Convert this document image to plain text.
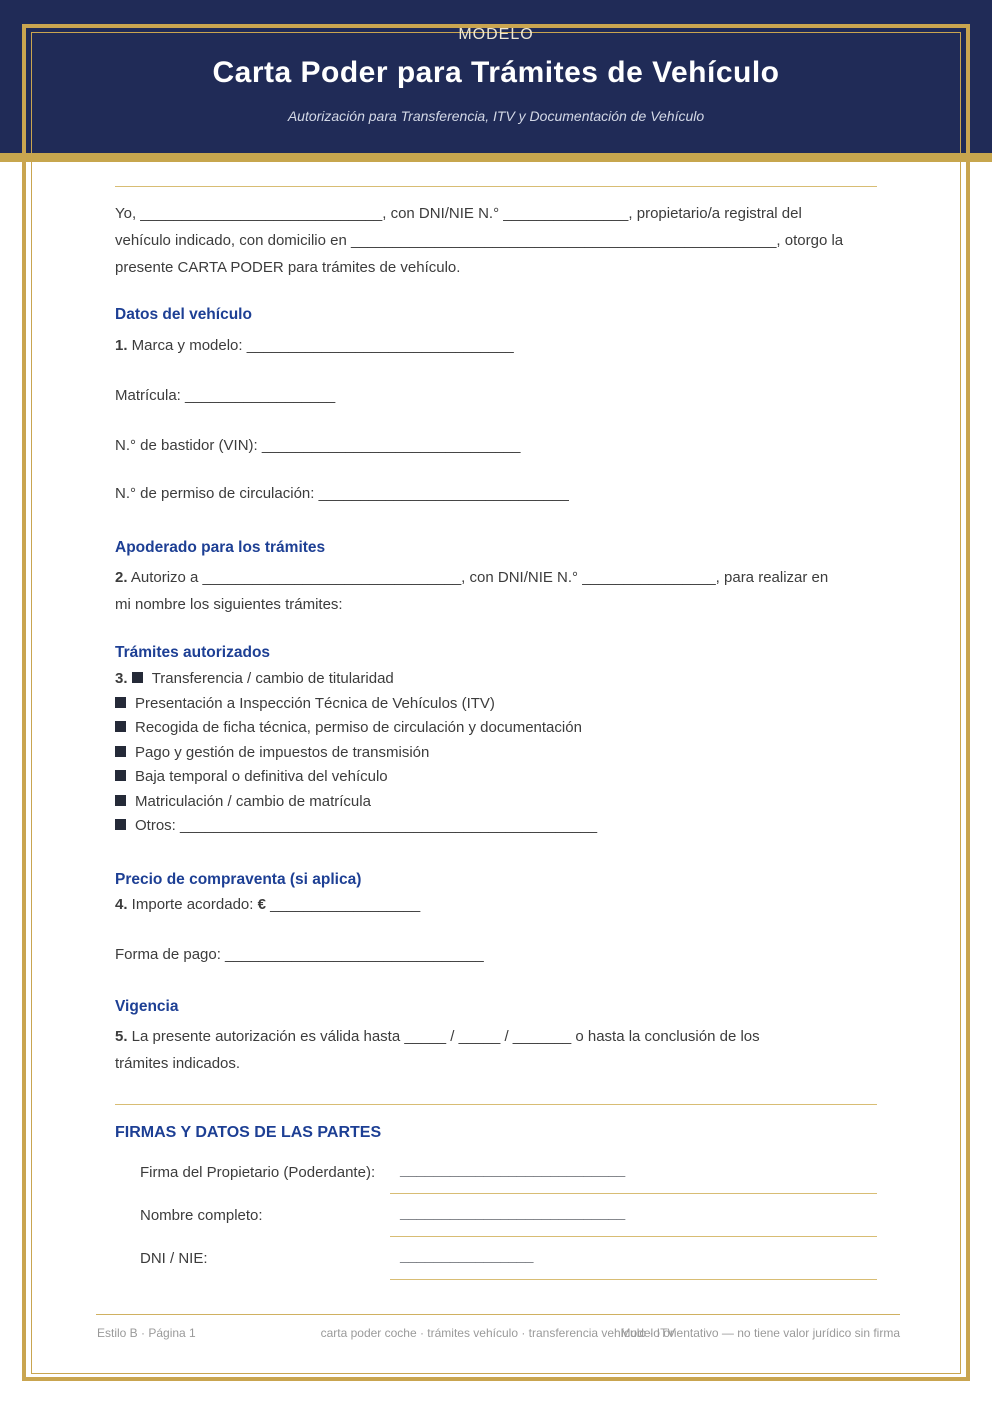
MODELO
Carta Poder para Trámites de Vehículo
Autorización para Transferencia, ITV y Documentación de Vehículo
Yo, _____________________________, con DNI/NIE N.° _______________, propietario/a registral del
vehículo indicado, con domicilio en ___________________________________________________, otorgo la
presente CARTA PODER para trámites de vehículo.
Datos del vehículo
1. Marca y modelo: ________________________________
Matrícula: __________________
N.° de bastidor (VIN): _______________________________
N.° de permiso de circulación: ______________________________
Apoderado para los trámites
2. Autorizo a _______________________________, con DNI/NIE N.° ________________, para realizar en
mi nombre los siguientes trámites:
Trámites autorizados
3. Transferencia / cambio de titularidad
Presentación a Inspección Técnica de Vehículos (ITV)
Recogida de ficha técnica, permiso de circulación y documentación
Pago y gestión de impuestos de transmisión
Baja temporal o definitiva del vehículo
Matriculación / cambio de matrícula
Otros: __________________________________________________
Precio de compraventa (si aplica)
4. Importe acordado: € __________________
Forma de pago: _______________________________
Vigencia
5. La presente autorización es válida hasta _____ / _____ / _______ o hasta la conclusión de los
trámites indicados.
FIRMAS Y DATOS DE LAS PARTES
Firma del Propietario (Poderdante): ___________________________
Nombre completo:	___________________________
DNI / NIE:	________________
Estilo B · Página 1	carta poder coche · trámites vehículo · transferencia vehículo · ITV
Modelo orientativo — no tiene valor jurídico sin firma
